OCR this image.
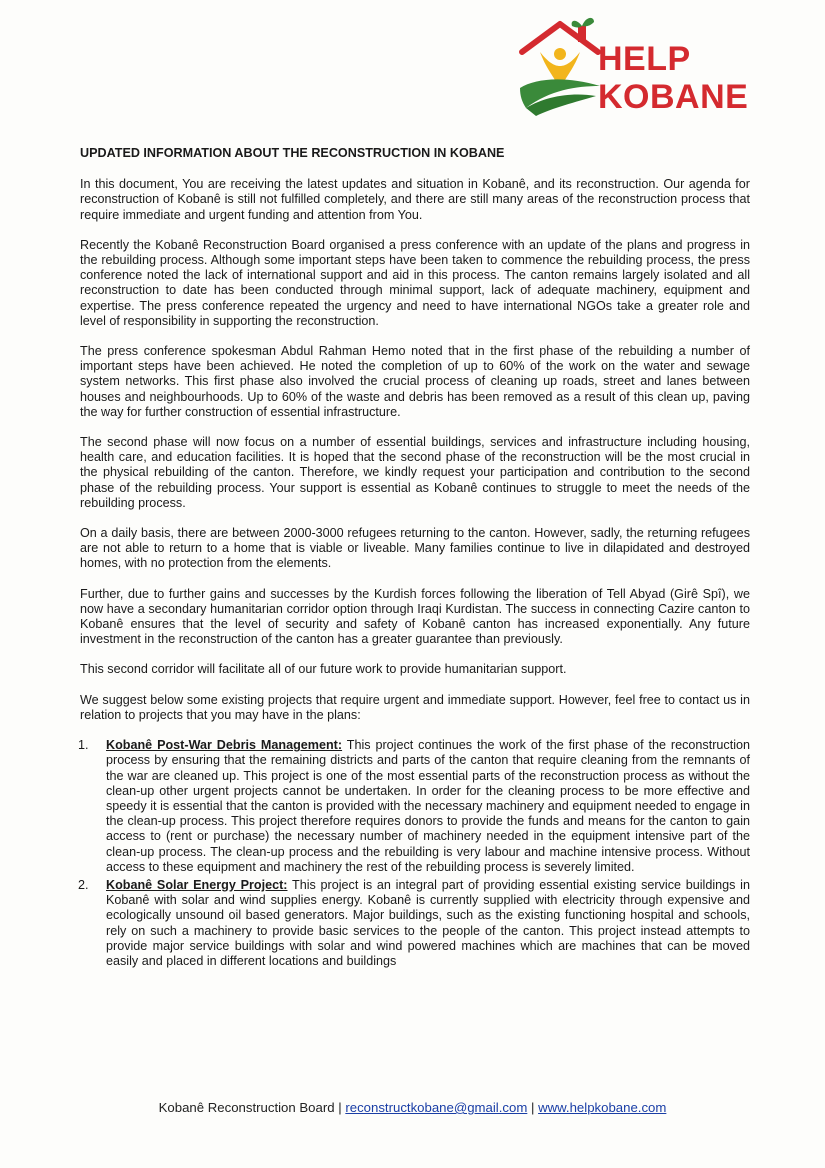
HELP
KOBANE

UPDATED INFORMATION ABOUT THE RECONSTRUCTION IN KOBANE

In this document, You are receiving the latest updates and situation in Kobanê, and its reconstruction. Our agenda for reconstruction of Kobanê is still not fulfilled completely, and there are still many areas of the reconstruction process that require immediate and urgent funding and attention from You.

Recently the Kobanê Reconstruction Board organised a press conference with an update of the plans and progress in the rebuilding process. Although some important steps have been taken to commence the rebuilding process, the press conference noted the lack of international support and aid in this process. The canton remains largely isolated and all reconstruction to date has been conducted through minimal support, lack of adequate machinery, equipment and expertise. The press conference repeated the urgency and need to have international NGOs take a greater role and level of responsibility in supporting the reconstruction.

The press conference spokesman Abdul Rahman Hemo noted that in the first phase of the rebuilding a number of important steps have been achieved. He noted the completion of up to 60% of the work on the water and sewage system networks. This first phase also involved the crucial process of cleaning up roads, street and lanes between houses and neighbourhoods. Up to 60% of the waste and debris has been removed as a result of this clean up, paving the way for further construction of essential infrastructure.

The second phase will now focus on a number of essential buildings, services and infrastructure including housing, health care, and education facilities. It is hoped that the second phase of the reconstruction will be the most crucial in the physical rebuilding of the canton. Therefore, we kindly request your participation and contribution to the second phase of the rebuilding process. Your support is essential as Kobanê continues to struggle to meet the needs of the rebuilding process.

On a daily basis, there are between 2000-3000 refugees returning to the canton. However, sadly, the returning refugees are not able to return to a home that is viable or liveable. Many families continue to live in dilapidated and destroyed homes, with no protection from the elements.

Further, due to further gains and successes by the Kurdish forces following the liberation of Tell Abyad (Girê Spî), we now have a secondary humanitarian corridor option through Iraqi Kurdistan. The success in connecting Cazire canton to Kobanê ensures that the level of security and safety of Kobanê canton has increased exponentially. Any future investment in the reconstruction of the canton has a greater guarantee than previously.

This second corridor will facilitate all of our future work to provide humanitarian support.

We suggest below some existing projects that require urgent and immediate support. However, feel free to contact us in relation to projects that you may have in the plans:

1. Kobanê Post-War Debris Management: This project continues the work of the first phase of the reconstruction process by ensuring that the remaining districts and parts of the canton that require cleaning from the remnants of the war are cleaned up. This project is one of the most essential parts of the reconstruction process as without the clean-up other urgent projects cannot be undertaken. In order for the cleaning process to be more effective and speedy it is essential that the canton is provided with the necessary machinery and equipment needed to engage in the clean-up process. This project therefore requires donors to provide the funds and means for the canton to gain access to (rent or purchase) the necessary number of machinery needed in the equipment intensive part of the clean-up process. The clean-up process and the rebuilding is very labour and machine intensive process. Without access to these equipment and machinery the rest of the rebuilding process is severely limited.
2. Kobanê Solar Energy Project: This project is an integral part of providing essential existing service buildings in Kobanê with solar and wind supplies energy. Kobanê is currently supplied with electricity through expensive and ecologically unsound oil based generators. Major buildings, such as the existing functioning hospital and schools, rely on such a machinery to provide basic services to the people of the canton. This project instead attempts to provide major service buildings with solar and wind powered machines which are machines that can be moved easily and placed in different locations and buildings
Kobanê Reconstruction Board | reconstructkobane@gmail.com | www.helpkobane.com
